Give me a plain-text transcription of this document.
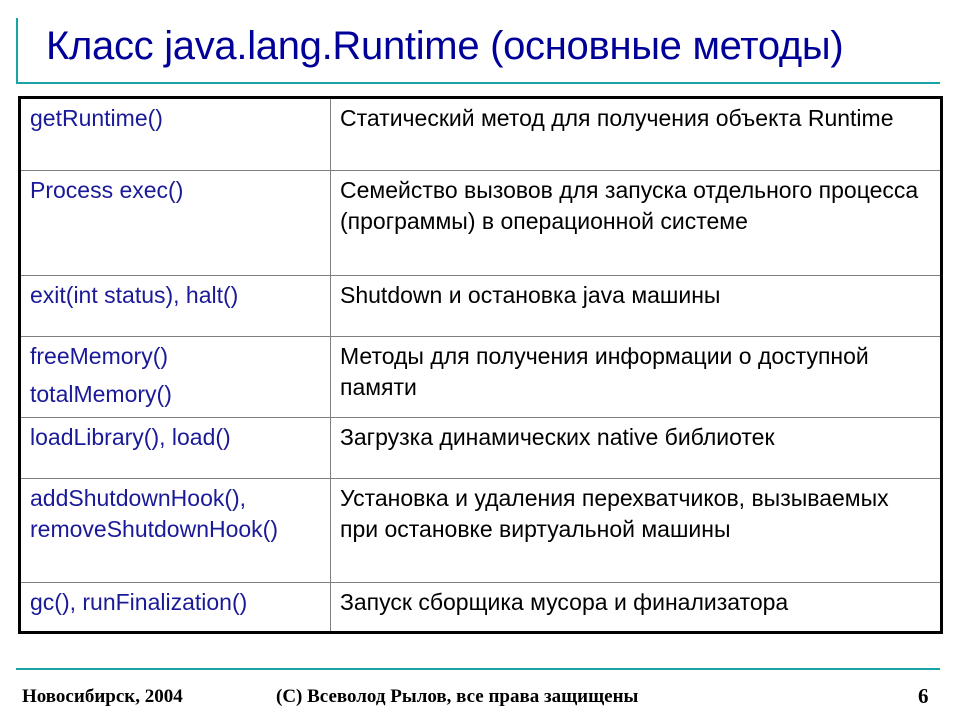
Класс java.lang.Runtime (основные методы)
getRuntime()	Статический метод для получения объекта Runtime
Process exec()	Семейство вызовов для запуска отдельного процесса (программы) в операционной системе
exit(int status), halt()	Shutdown и остановка java машины

freeMemory()
totalMemory()	Методы для получения информации о доступной памяти
loadLibrary(), load()	Загрузка динамических native библиотек
addShutdownHook(), removeShutdownHook()	Установка и удаления перехватчиков, вызываемых при остановке виртуальной машины
gc(), runFinalization()	Запуск сборщика мусора и финализатора
Новосибирск, 2004	(C) Всеволод Рылов, все права защищены	6
